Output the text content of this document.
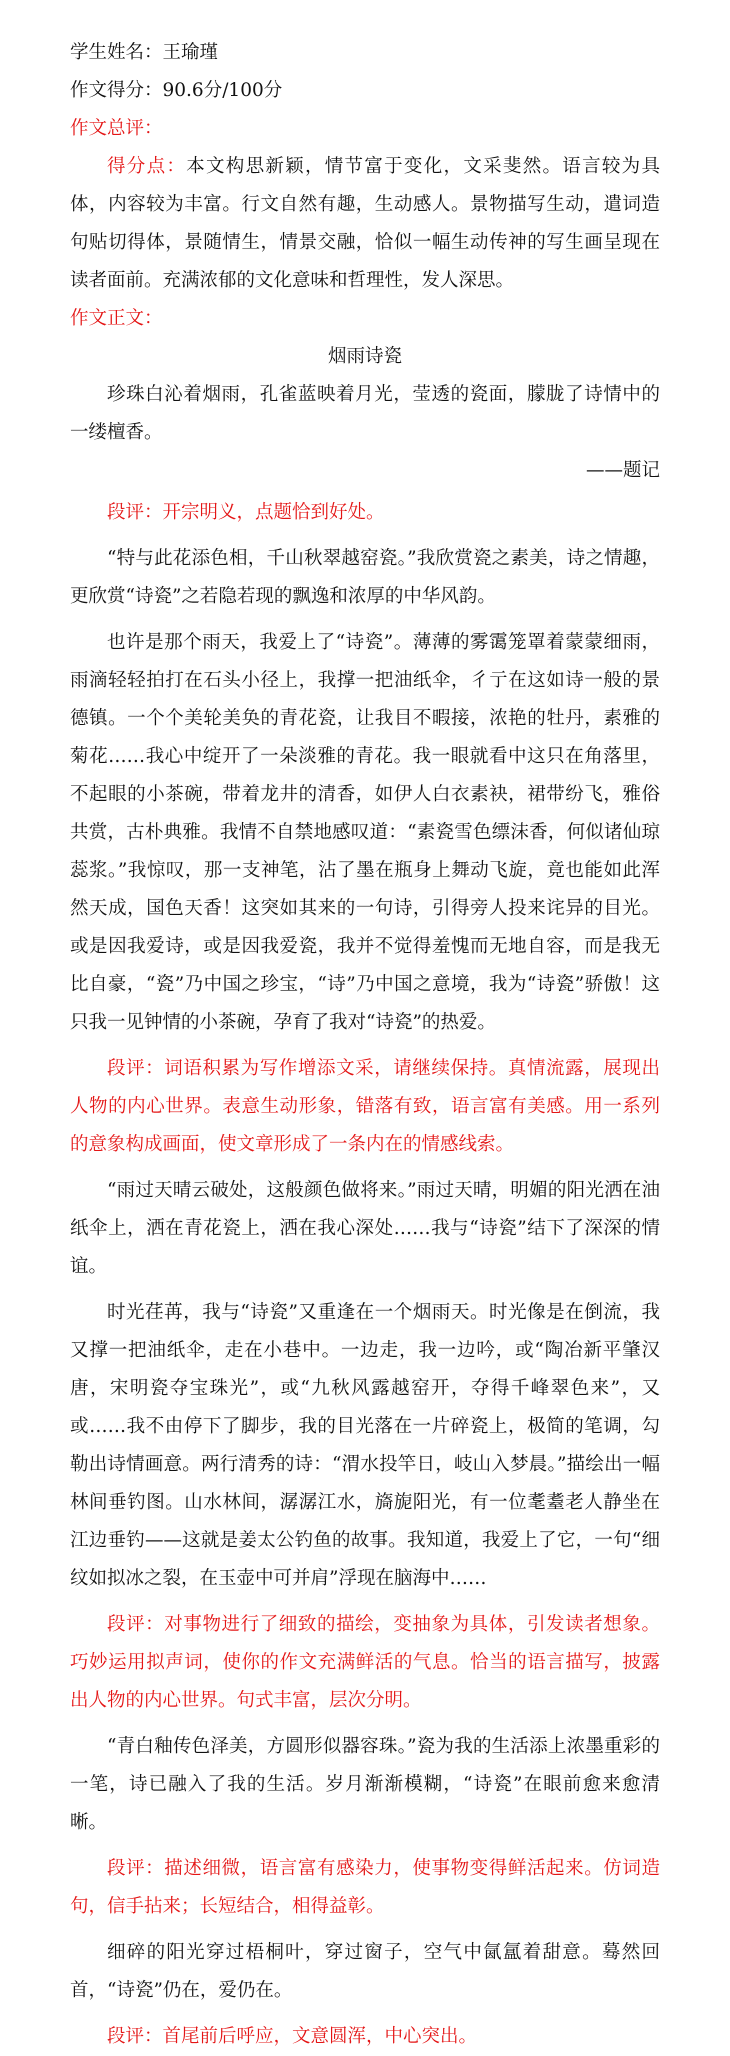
学生姓名：王瑜瑾

作文得分：90.6分/100分

作文总评：

得分点：本文构思新颖，情节富于变化，文采斐然。语言较为具体，内容较为丰富。行文自然有趣，生动感人。景物描写生动，遣词造句贴切得体，景随情生，情景交融，恰似一幅生动传神的写生画呈现在读者面前。充满浓郁的文化意味和哲理性，发人深思。

作文正文：

烟雨诗瓷

珍珠白沁着烟雨，孔雀蓝映着月光，莹透的瓷面，朦胧了诗情中的一缕檀香。

——题记

段评：开宗明义，点题恰到好处。

“特与此花添色相，千山秋翠越窑瓷。”我欣赏瓷之素美，诗之情趣，更欣赏“诗瓷”之若隐若现的飘逸和浓厚的中华风韵。

也许是那个雨天，我爱上了“诗瓷”。薄薄的雾霭笼罩着蒙蒙细雨，雨滴轻轻拍打在石头小径上，我撑一把油纸伞，彳亍在这如诗一般的景德镇。一个个美轮美奂的青花瓷，让我目不暇接，浓艳的牡丹，素雅的菊花……我心中绽开了一朵淡雅的青花。我一眼就看中这只在角落里，不起眼的小茶碗，带着龙井的清香，如伊人白衣素袂，裙带纷飞，雅俗共赏，古朴典雅。我情不自禁地感叹道：“素瓷雪色缥沫香，何似诸仙琼蕊浆。”我惊叹，那一支神笔，沾了墨在瓶身上舞动飞旋，竟也能如此浑然天成，国色天香！这突如其来的一句诗，引得旁人投来诧异的目光。或是因我爱诗，或是因我爱瓷，我并不觉得羞愧而无地自容，而是我无比自豪，“瓷”乃中国之珍宝，“诗”乃中国之意境，我为“诗瓷”骄傲！这只我一见钟情的小茶碗，孕育了我对“诗瓷”的热爱。

段评：词语积累为写作增添文采，请继续保持。真情流露，展现出人物的内心世界。表意生动形象，错落有致，语言富有美感。用一系列的意象构成画面，使文章形成了一条内在的情感线索。

“雨过天晴云破处，这般颜色做将来。”雨过天晴，明媚的阳光洒在油纸伞上，洒在青花瓷上，洒在我心深处……我与“诗瓷”结下了深深的情谊。

时光荏苒，我与“诗瓷”又重逢在一个烟雨天。时光像是在倒流，我又撑一把油纸伞，走在小巷中。一边走，我一边吟，或“陶冶新平肇汉唐，宋明瓷夺宝珠光”，或“九秋风露越窑开，夺得千峰翠色来”，又或……我不由停下了脚步，我的目光落在一片碎瓷上，极简的笔调，勾勒出诗情画意。两行清秀的诗：“渭水投竿日，岐山入梦晨。”描绘出一幅林间垂钓图。山水林间，潺潺江水，旖旎阳光，有一位耄耋老人静坐在江边垂钓——这就是姜太公钓鱼的故事。我知道，我爱上了它，一句“细纹如拟冰之裂，在玉壶中可并肩”浮现在脑海中……

段评：对事物进行了细致的描绘，变抽象为具体，引发读者想象。巧妙运用拟声词，使你的作文充满鲜活的气息。恰当的语言描写，披露出人物的内心世界。句式丰富，层次分明。

“青白釉传色泽美，方圆形似器容珠。”瓷为我的生活添上浓墨重彩的一笔，诗已融入了我的生活。岁月渐渐模糊，“诗瓷”在眼前愈来愈清晰。

段评：描述细微，语言富有感染力，使事物变得鲜活起来。仿词造句，信手拈来；长短结合，相得益彰。

细碎的阳光穿过梧桐叶，穿过窗子，空气中氤氲着甜意。蓦然回首，“诗瓷”仍在，爱仍在。

段评：首尾前后呼应，文意圆浑，中心突出。
